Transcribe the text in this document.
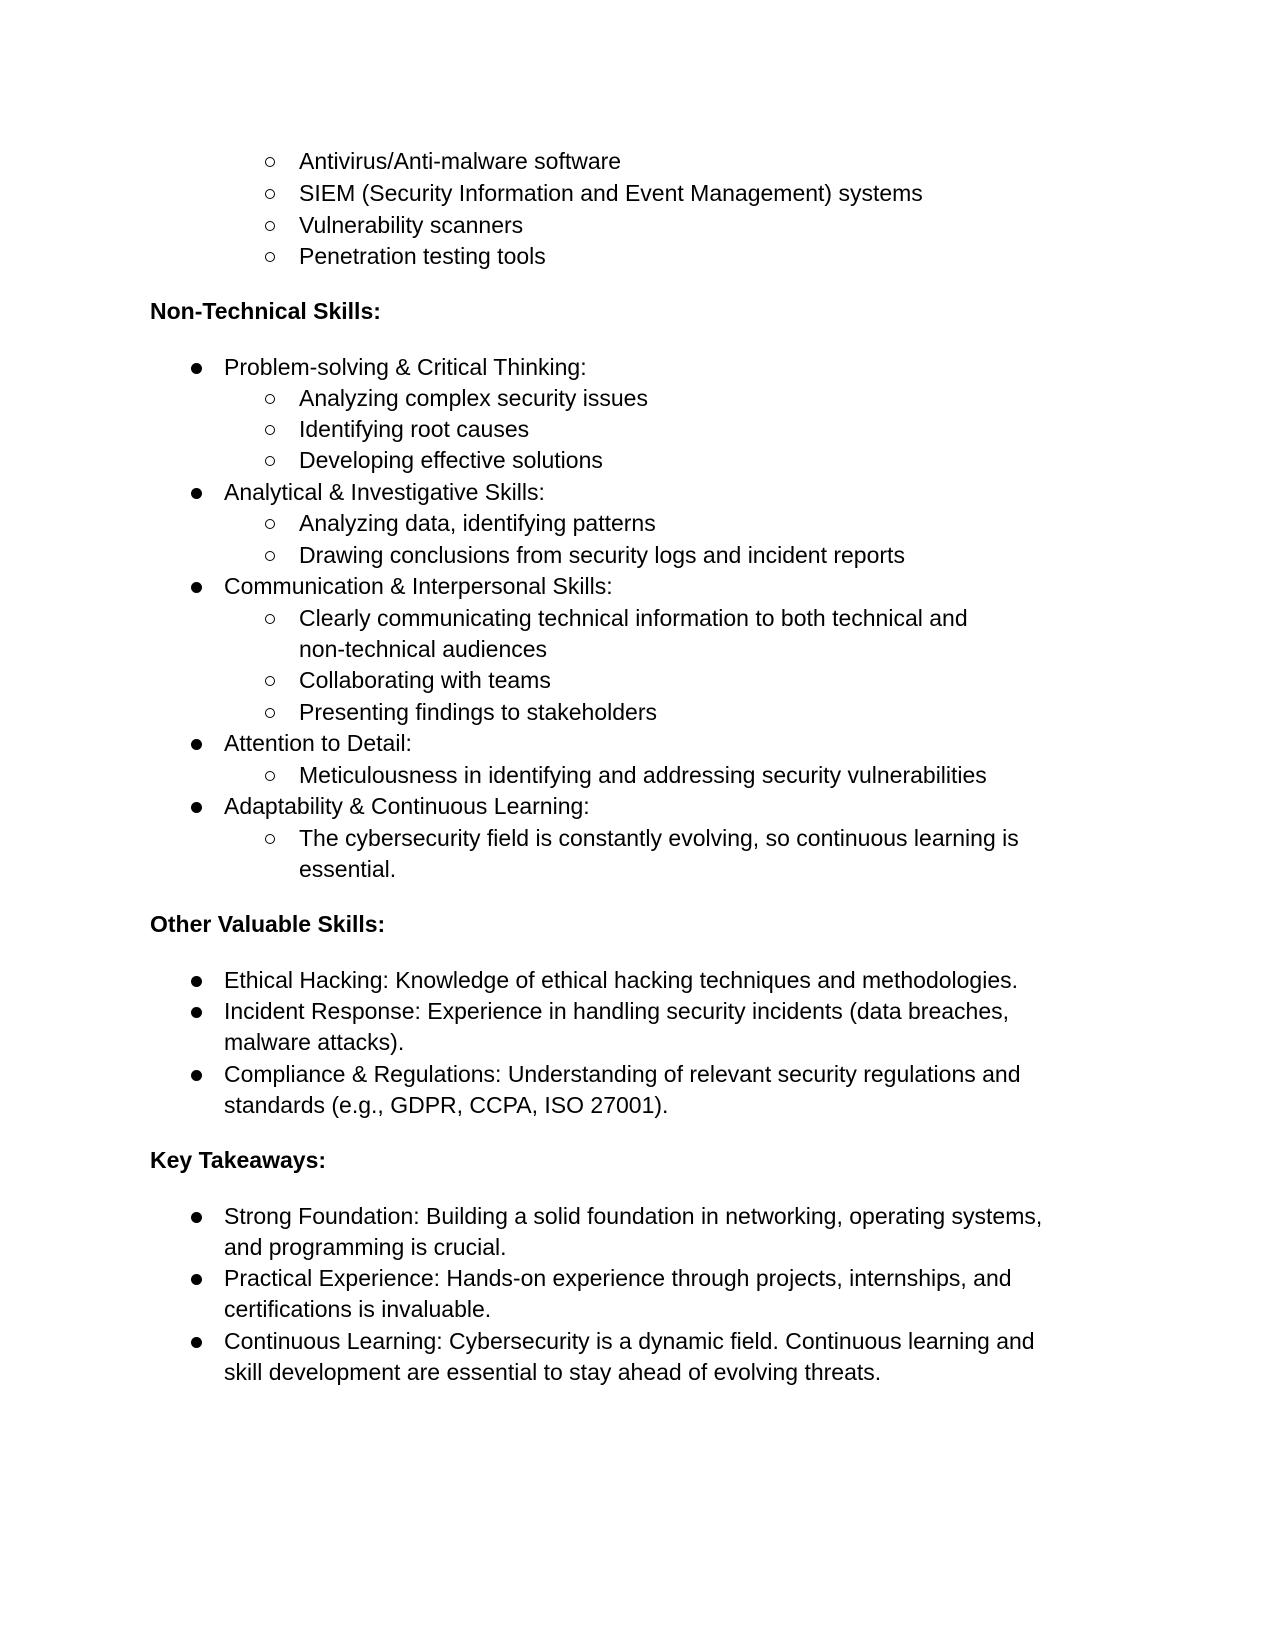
Antivirus/Anti-malware software
SIEM (Security Information and Event Management) systems
Vulnerability scanners
Penetration testing tools
Non-Technical Skills:
Problem-solving & Critical Thinking:
Analyzing complex security issues
Identifying root causes
Developing effective solutions
Analytical & Investigative Skills:
Analyzing data, identifying patterns
Drawing conclusions from security logs and incident reports
Communication & Interpersonal Skills:
Clearly communicating technical information to both technical and
non-technical audiences
Collaborating with teams
Presenting findings to stakeholders
Attention to Detail:
Meticulousness in identifying and addressing security vulnerabilities
Adaptability & Continuous Learning:
The cybersecurity field is constantly evolving, so continuous learning is
essential.
Other Valuable Skills:
Ethical Hacking: Knowledge of ethical hacking techniques and methodologies.
Incident Response: Experience in handling security incidents (data breaches,
malware attacks).
Compliance & Regulations: Understanding of relevant security regulations and
standards (e.g., GDPR, CCPA, ISO 27001).
Key Takeaways:
Strong Foundation: Building a solid foundation in networking, operating systems,
and programming is crucial.
Practical Experience: Hands-on experience through projects, internships, and
certifications is invaluable.
Continuous Learning: Cybersecurity is a dynamic field. Continuous learning and
skill development are essential to stay ahead of evolving threats.
